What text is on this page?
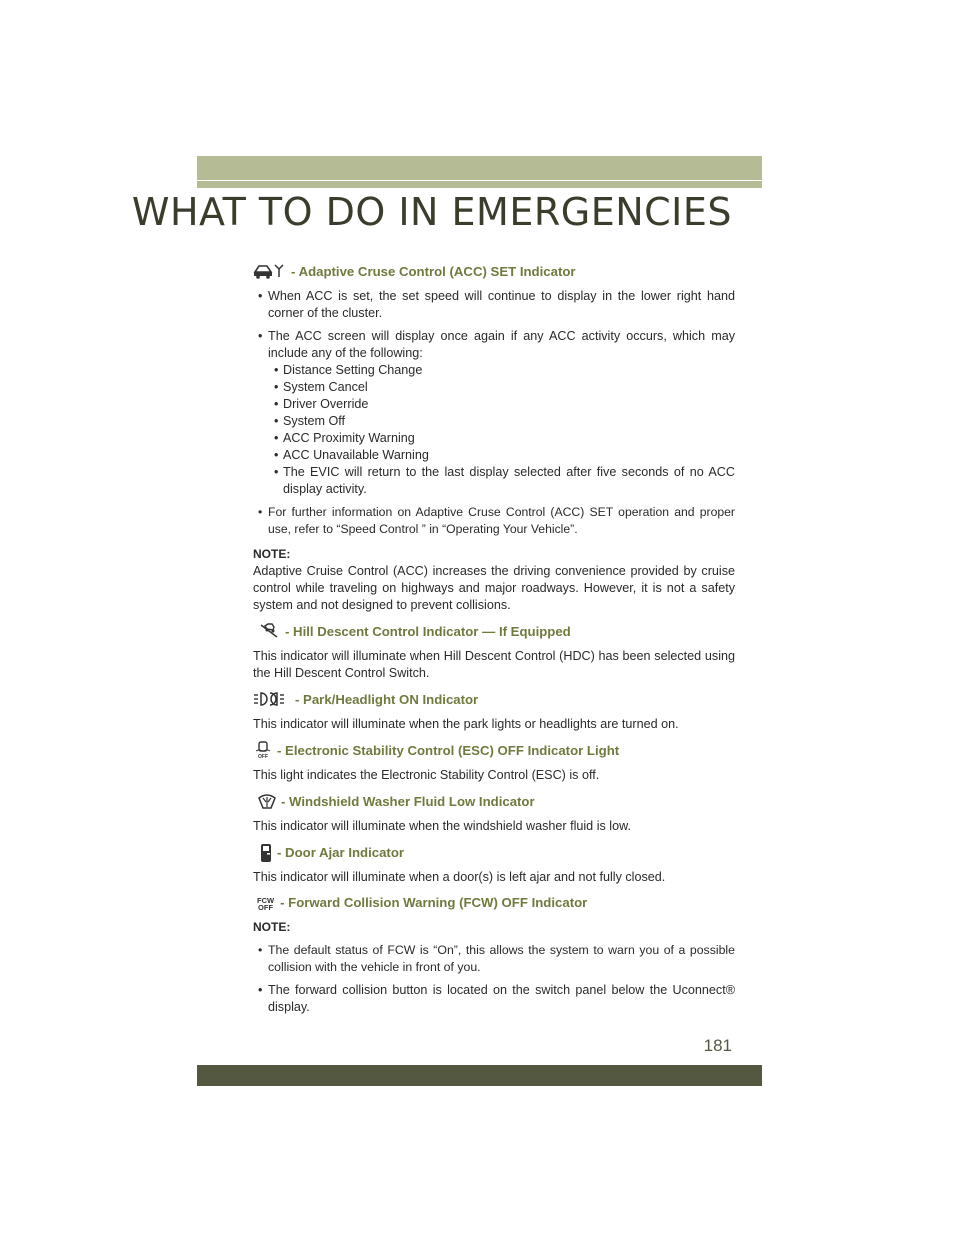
WHAT TO DO IN EMERGENCIES
- Adaptive Cruse Control (ACC) SET Indicator
• When ACC is set, the set speed will continue to display in the lower right hand corner of the cluster.
• The ACC screen will display once again if any ACC activity occurs, which may include any of the following:
• Distance Setting Change
• System Cancel
• Driver Override
• System Off
• ACC Proximity Warning
• ACC Unavailable Warning
• The EVIC will return to the last display selected after five seconds of no ACC display activity.
• For further information on Adaptive Cruse Control (ACC) SET operation and proper use, refer to “Speed Control ” in “Operating Your Vehicle”.
NOTE:
Adaptive Cruise Control (ACC) increases the driving convenience provided by cruise control while traveling on highways and major roadways. However, it is not a safety system and not designed to prevent collisions.
- Hill Descent Control Indicator — If Equipped
This indicator will illuminate when Hill Descent Control (HDC) has been selected using the Hill Descent Control Switch.
- Park/Headlight ON Indicator
This indicator will illuminate when the park lights or headlights are turned on.
OFF - Electronic Stability Control (ESC) OFF Indicator Light
This light indicates the Electronic Stability Control (ESC) is off.
- Windshield Washer Fluid Low Indicator
This indicator will illuminate when the windshield washer fluid is low.
- Door Ajar Indicator
This indicator will illuminate when a door(s) is left ajar and not fully closed.
FCW
OFF - Forward Collision Warning (FCW) OFF Indicator
NOTE:
• The default status of FCW is “On”, this allows the system to warn you of a possible collision with the vehicle in front of you.
• The forward collision button is located on the switch panel below the Uconnect® display.
181
